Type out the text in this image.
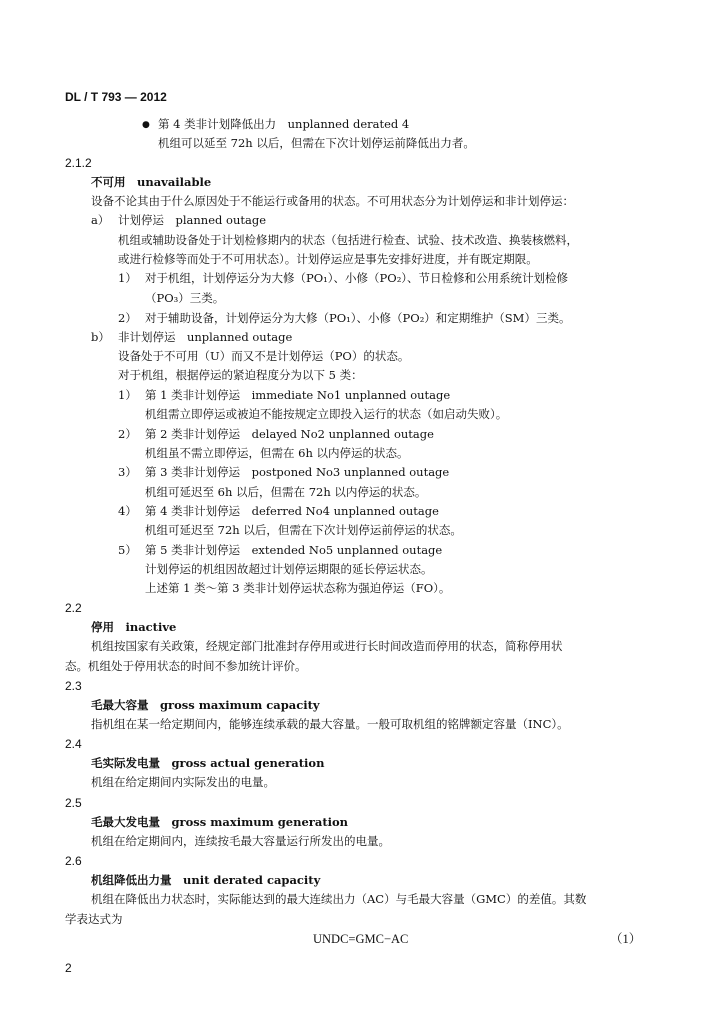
DL / T 793 — 2012
● 第 4 类非计划降低出力　unplanned derated 4
机组可以延至 72h 以后，但需在下次计划停运前降低出力者。
2.1.2
不可用　unavailable
设备不论其由于什么原因处于不能运行或备用的状态。不可用状态分为计划停运和非计划停运：
a） 计划停运　planned outage
机组或辅助设备处于计划检修期内的状态（包括进行检查、试验、技术改造、换装核燃料，
或进行检修等而处于不可用状态）。计划停运应是事先安排好进度，并有既定期限。
1） 对于机组，计划停运分为大修（PO₁）、小修（PO₂）、节日检修和公用系统计划检修
（PO₃）三类。
2） 对于辅助设备，计划停运分为大修（PO₁）、小修（PO₂）和定期维护（SM）三类。
b） 非计划停运　unplanned outage
设备处于不可用（U）而又不是计划停运（PO）的状态。
对于机组，根据停运的紧迫程度分为以下 5 类：
1） 第 1 类非计划停运　immediate No1 unplanned outage
机组需立即停运或被迫不能按规定立即投入运行的状态（如启动失败）。
2） 第 2 类非计划停运　delayed No2 unplanned outage
机组虽不需立即停运，但需在 6h 以内停运的状态。
3） 第 3 类非计划停运　postponed No3 unplanned outage
机组可延迟至 6h 以后，但需在 72h 以内停运的状态。
4） 第 4 类非计划停运　deferred No4 unplanned outage
机组可延迟至 72h 以后，但需在下次计划停运前停运的状态。
5） 第 5 类非计划停运　extended No5 unplanned outage
计划停运的机组因故超过计划停运期限的延长停运状态。
上述第 1 类～第 3 类非计划停运状态称为强迫停运（FO）。
2.2
停用　inactive
机组按国家有关政策，经规定部门批准封存停用或进行长时间改造而停用的状态，简称停用状
态。机组处于停用状态的时间不参加统计评价。
2.3
毛最大容量　gross maximum capacity
指机组在某一给定期间内，能够连续承载的最大容量。一般可取机组的铭牌额定容量（INC）。
2.4
毛实际发电量　gross actual generation
机组在给定期间内实际发出的电量。
2.5
毛最大发电量　gross maximum generation
机组在给定期间内，连续按毛最大容量运行所发出的电量。
2.6
机组降低出力量　unit derated capacity
机组在降低出力状态时，实际能达到的最大连续出力（AC）与毛最大容量（GMC）的差值。其数
学表达式为
UNDC=GMC−AC	（1）
2
